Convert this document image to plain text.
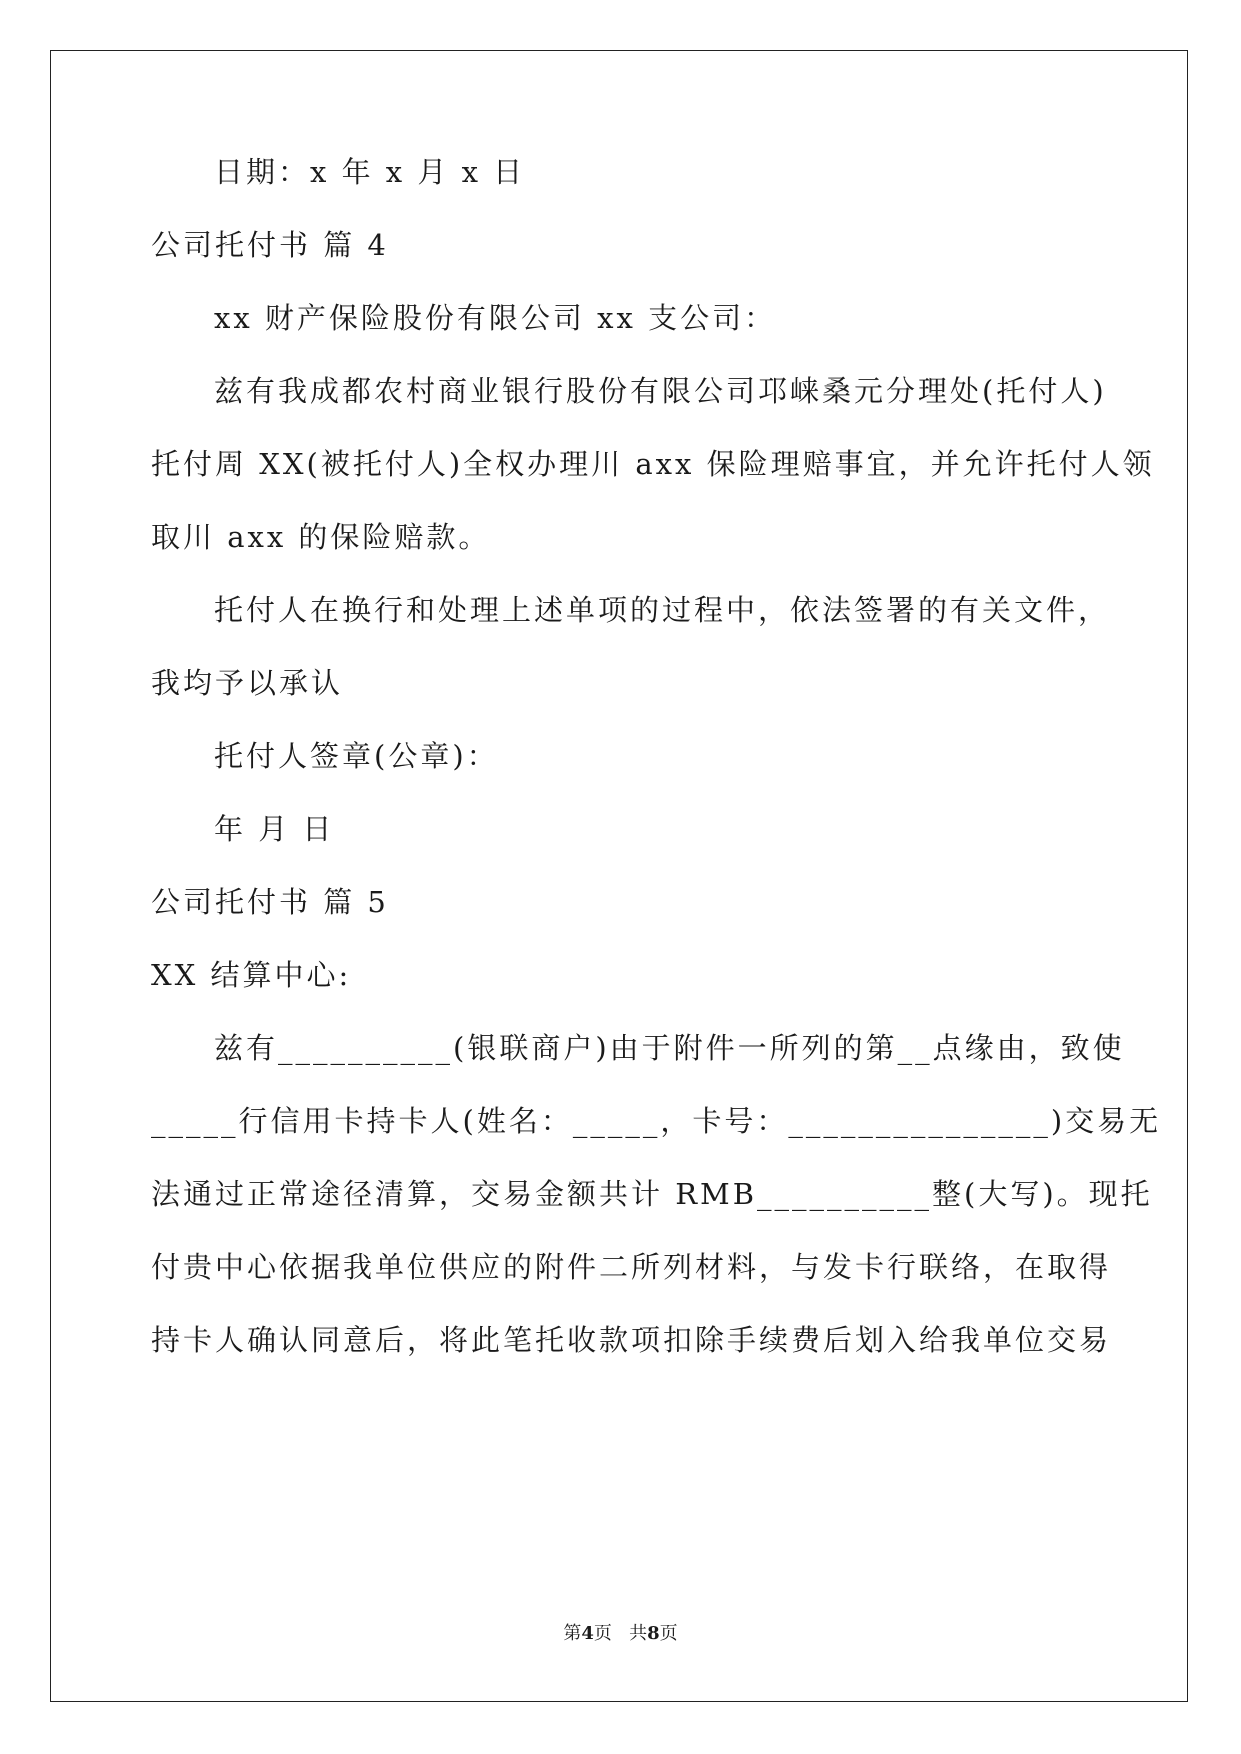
日期：x 年 x 月 x 日
公司托付书 篇 4
xx 财产保险股份有限公司 xx 支公司：
兹有我成都农村商业银行股份有限公司邛崃桑元分理处(托付人)
托付周 XX(被托付人)全权办理川 axx 保险理赔事宜，并允许托付人领
取川 axx 的保险赔款。
托付人在换行和处理上述单项的过程中，依法签署的有关文件，
我均予以承认
托付人签章(公章)：
年 月 日
公司托付书 篇 5
XX 结算中心:
兹有__________(银联商户)由于附件一所列的第__点缘由，致使
_____行信用卡持卡人(姓名：_____，卡号：_______________)交易无
法通过正常途径清算，交易金额共计 RMB__________整(大写)。现托
付贵中心依据我单位供应的附件二所列材料，与发卡行联络，在取得
持卡人确认同意后，将此笔托收款项扣除手续费后划入给我单位交易
第4页 共8页
